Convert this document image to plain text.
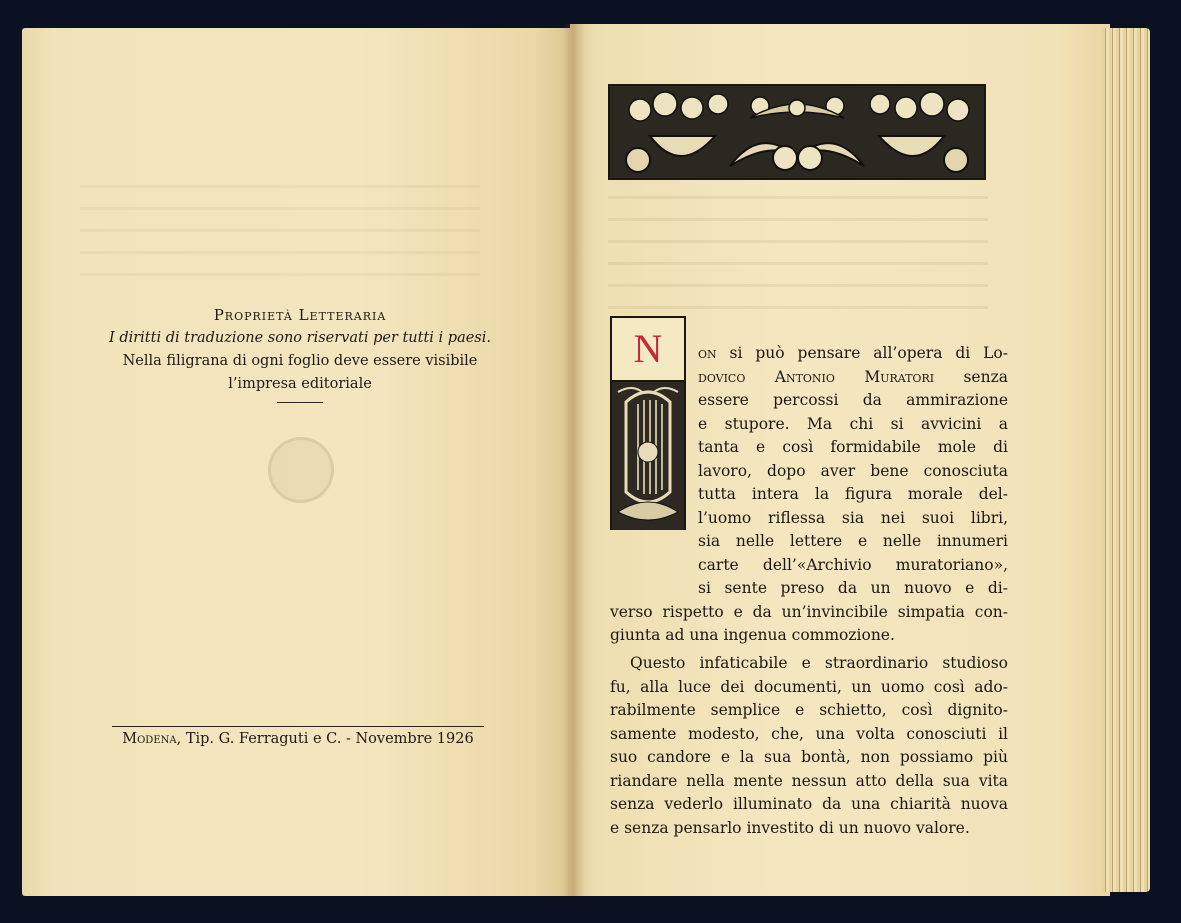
Proprietà Letteraria
I diritti di traduzione sono riservati per tutti i paesi.
Nella filigrana di ogni foglio deve essere visibile
l’impresa editoriale
Modena, Tip. G. Ferraguti e C. - Novembre 1926
N on si può pensare all’opera di Lo-
dovico Antonio Muratori senza
essere percossi da ammirazione
e stupore. Ma chi si avvicini a
tanta e così formidabile mole di
lavoro, dopo aver bene conosciuta
tutta intera la figura morale del-
l’uomo riflessa sia nei suoi libri,
sia nelle lettere e nelle innumeri
carte dell’«Archivio muratoriano»,
si sente preso da un nuovo e di-
verso rispetto e da un’invincibile simpatia con-
giunta ad una ingenua commozione.
Questo infaticabile e straordinario studioso
fu, alla luce dei documenti, un uomo così ado-
rabilmente semplice e schietto, così dignito-
samente modesto, che, una volta conosciuti il
suo candore e la sua bontà, non possiamo più
riandare nella mente nessun atto della sua vita
senza vederlo illuminato da una chiarità nuova
e senza pensarlo investito di un nuovo valore.
